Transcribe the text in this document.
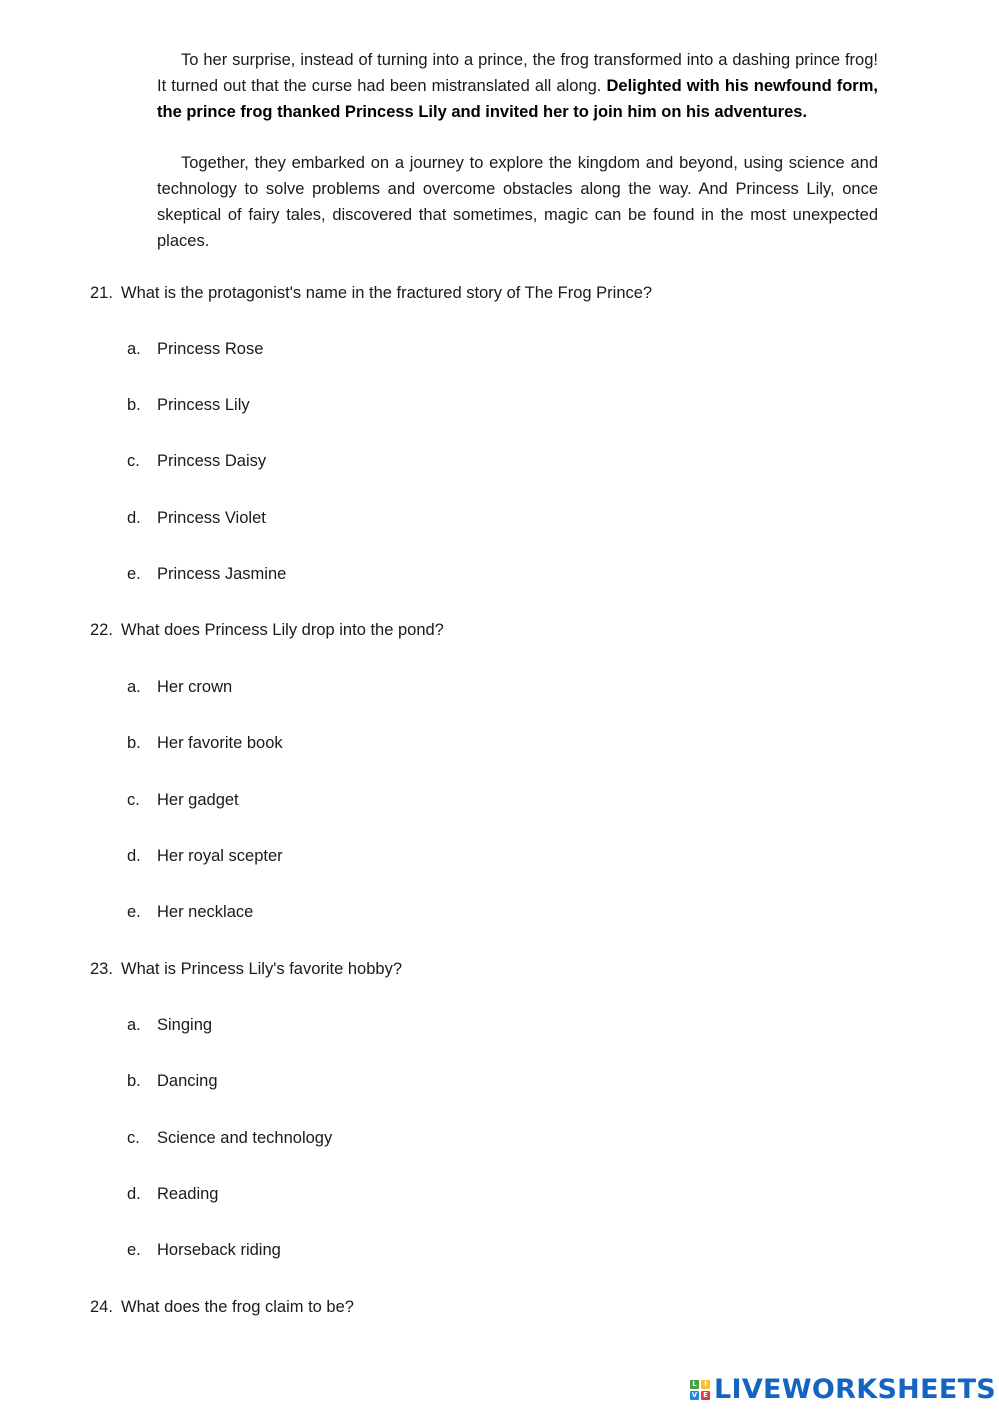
To her surprise, instead of turning into a prince, the frog transformed into a dashing prince frog! It turned out that the curse had been mistranslated all along. Delighted with his newfound form, the prince frog thanked Princess Lily and invited her to join him on his adventures.

Together, they embarked on a journey to explore the kingdom and beyond, using science and technology to solve problems and overcome obstacles along the way. And Princess Lily, once skeptical of fairy tales, discovered that sometimes, magic can be found in the most unexpected places.

21. What is the protagonist's name in the fractured story of The Frog Prince?
a. Princess Rose
b. Princess Lily
c. Princess Daisy
d. Princess Violet
e. Princess Jasmine
22. What does Princess Lily drop into the pond?
a. Her crown
b. Her favorite book
c. Her gadget
d. Her royal scepter
e. Her necklace
23. What is Princess Lily's favorite hobby?
a. Singing
b. Dancing
c. Science and technology
d. Reading
e. Horseback riding
24. What does the frog claim to be?
L	I
V E LIVEWORKSHEETS
